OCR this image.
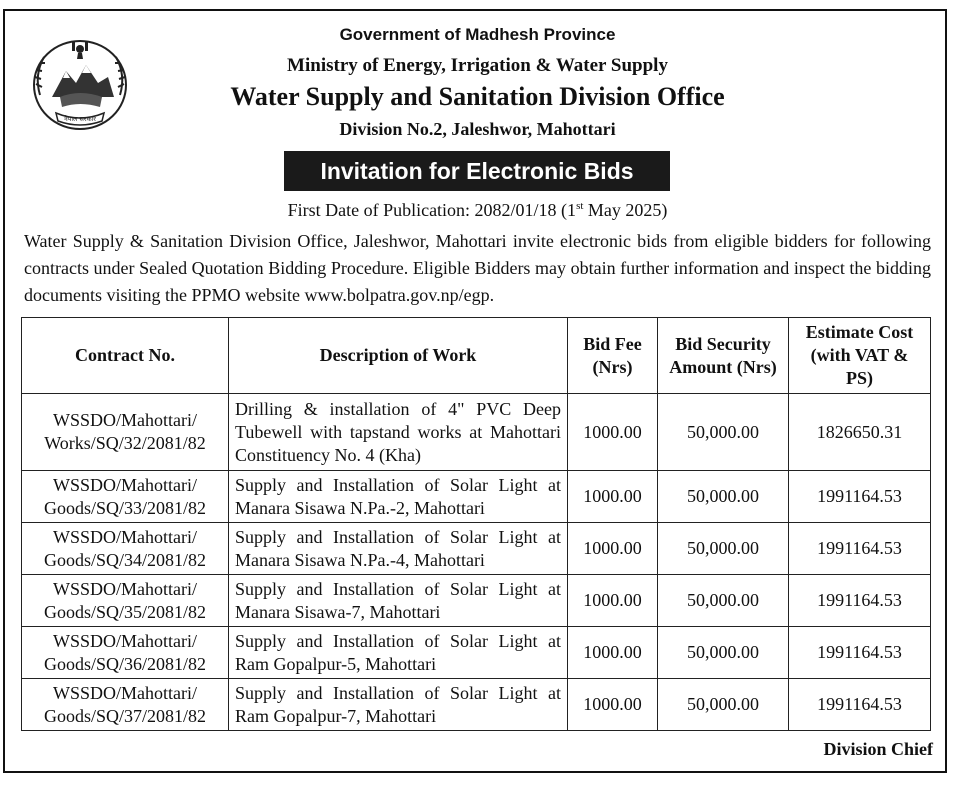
नेपाल सरकार
Government of Madhesh Province
Ministry of Energy, Irrigation & Water Supply
Water Supply and Sanitation Division Office
Division No.2, Jaleshwor, Mahottari
Invitation for Electronic Bids
First Date of Publication: 2082/01/18 (1st May 2025)
Water Supply & Sanitation Division Office, Jaleshwor, Mahottari invite electronic bids from eligible bidders for following contracts under Sealed Quotation Bidding Procedure. Eligible Bidders may obtain further information and inspect the bidding documents visiting the PPMO website www.bolpatra.gov.np/egp.
Contract No.	Description of Work	Bid Fee (Nrs)	Bid Security Amount (Nrs)	Estimate Cost (with VAT & PS)
WSSDO/Mahottari/ Works/SQ/32/2081/82	Drilling & installation of 4" PVC Deep Tubewell with tapstand works at Mahottari Constituency No. 4 (Kha)	1000.00	50,000.00	1826650.31
WSSDO/Mahottari/ Goods/SQ/33/2081/82	Supply and Installation of Solar Light at Manara Sisawa N.Pa.-2, Mahottari	1000.00	50,000.00	1991164.53
WSSDO/Mahottari/ Goods/SQ/34/2081/82	Supply and Installation of Solar Light at Manara Sisawa N.Pa.-4, Mahottari	1000.00	50,000.00	1991164.53
WSSDO/Mahottari/ Goods/SQ/35/2081/82	Supply and Installation of Solar Light at Manara Sisawa-7, Mahottari	1000.00	50,000.00	1991164.53
WSSDO/Mahottari/ Goods/SQ/36/2081/82	Supply and Installation of Solar Light at Ram Gopalpur-5, Mahottari	1000.00	50,000.00	1991164.53
WSSDO/Mahottari/ Goods/SQ/37/2081/82	Supply and Installation of Solar Light at Ram Gopalpur-7, Mahottari	1000.00	50,000.00	1991164.53
Division Chief
